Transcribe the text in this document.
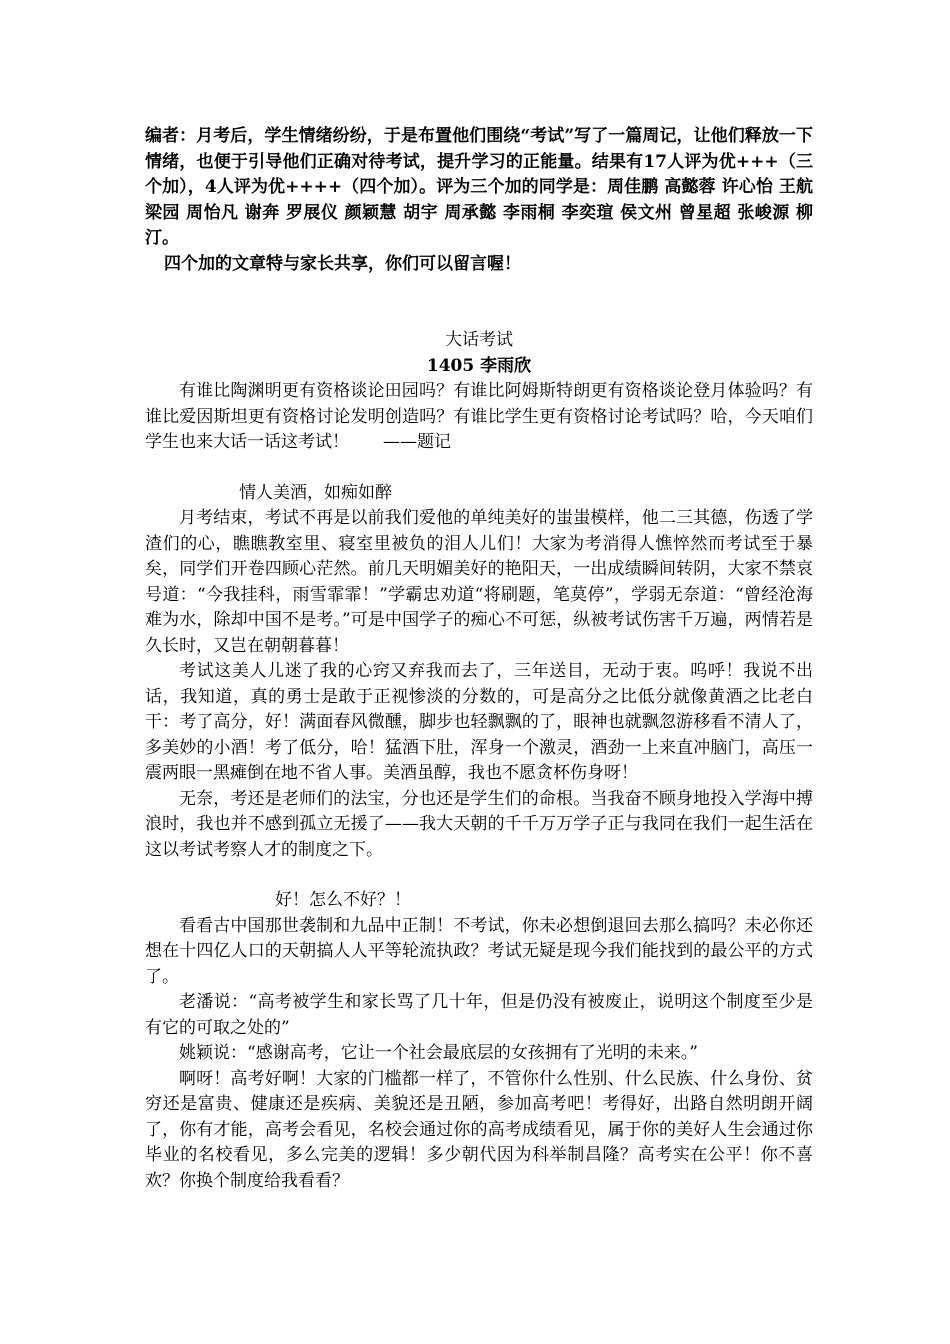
编者：月考后，学生情绪纷纷，于是布置他们围绕“考试”写了一篇周记，让他们释放一下情绪，也便于引导他们正确对待考试，提升学习的正能量。结果有17人评为优+++（三个加），4人评为优++++（四个加）。评为三个加的同学是：周佳鹏 高懿蓉 许心怡 王航 梁园 周怡凡 谢奔 罗展仪 颜颖慧 胡宇 周承懿 李雨桐 李奕瑄 侯文州 曾星超 张峻源 柳汀。

四个加的文章特与家长共享，你们可以留言喔！

大话考试

1405 李雨欣

有谁比陶渊明更有资格谈论田园吗？有谁比阿姆斯特朗更有资格谈论登月体验吗？有谁比爱因斯坦更有资格讨论发明创造吗？有谁比学生更有资格讨论考试吗？哈，今天咱们学生也来大话一话这考试！　　——题记

情人美酒，如痴如醉

月考结束，考试不再是以前我们爱他的单纯美好的蚩蚩模样，他二三其德，伤透了学渣们的心，瞧瞧教室里、寝室里被负的泪人儿们！大家为考消得人憔悴然而考试至于暴矣，同学们开卷四顾心茫然。前几天明媚美好的艳阳天，一出成绩瞬间转阴，大家不禁哀号道：“今我挂科，雨雪霏霏！”学霸忠劝道“将刷题，笔莫停”，学弱无奈道：“曾经沧海难为水，除却中国不是考。”可是中国学子的痴心不可惩，纵被考试伤害千万遍，两情若是久长时，又岂在朝朝暮暮！

考试这美人儿迷了我的心窍又弃我而去了，三年送目，无动于衷。呜呼！我说不出话，我知道，真的勇士是敢于正视惨淡的分数的，可是高分之比低分就像黄酒之比老白干：考了高分，好！满面春风微醺，脚步也轻飘飘的了，眼神也就飘忽游移看不清人了，多美妙的小酒！考了低分，哈！猛酒下肚，浑身一个激灵，酒劲一上来直冲脑门，高压一震两眼一黑瘫倒在地不省人事。美酒虽醇，我也不愿贪杯伤身呀！

无奈，考还是老师们的法宝，分也还是学生们的命根。当我奋不顾身地投入学海中搏浪时，我也并不感到孤立无援了——我大天朝的千千万万学子正与我同在我们一起生活在这以考试考察人才的制度之下。

好！怎么不好？！

看看古中国那世袭制和九品中正制！不考试，你未必想倒退回去那么搞吗？未必你还想在十四亿人口的天朝搞人人平等轮流执政？考试无疑是现今我们能找到的最公平的方式了。

老潘说：“高考被学生和家长骂了几十年，但是仍没有被废止，说明这个制度至少是有它的可取之处的”

姚颖说：“感谢高考，它让一个社会最底层的女孩拥有了光明的未来。”

啊呀！高考好啊！大家的门槛都一样了，不管你什么性别、什么民族、什么身份、贫穷还是富贵、健康还是疾病、美貌还是丑陋，参加高考吧！考得好，出路自然明朗开阔了，你有才能，高考会看见，名校会通过你的高考成绩看见，属于你的美好人生会通过你毕业的名校看见，多么完美的逻辑！多少朝代因为科举制昌隆？高考实在公平！你不喜欢？你换个制度给我看看？
